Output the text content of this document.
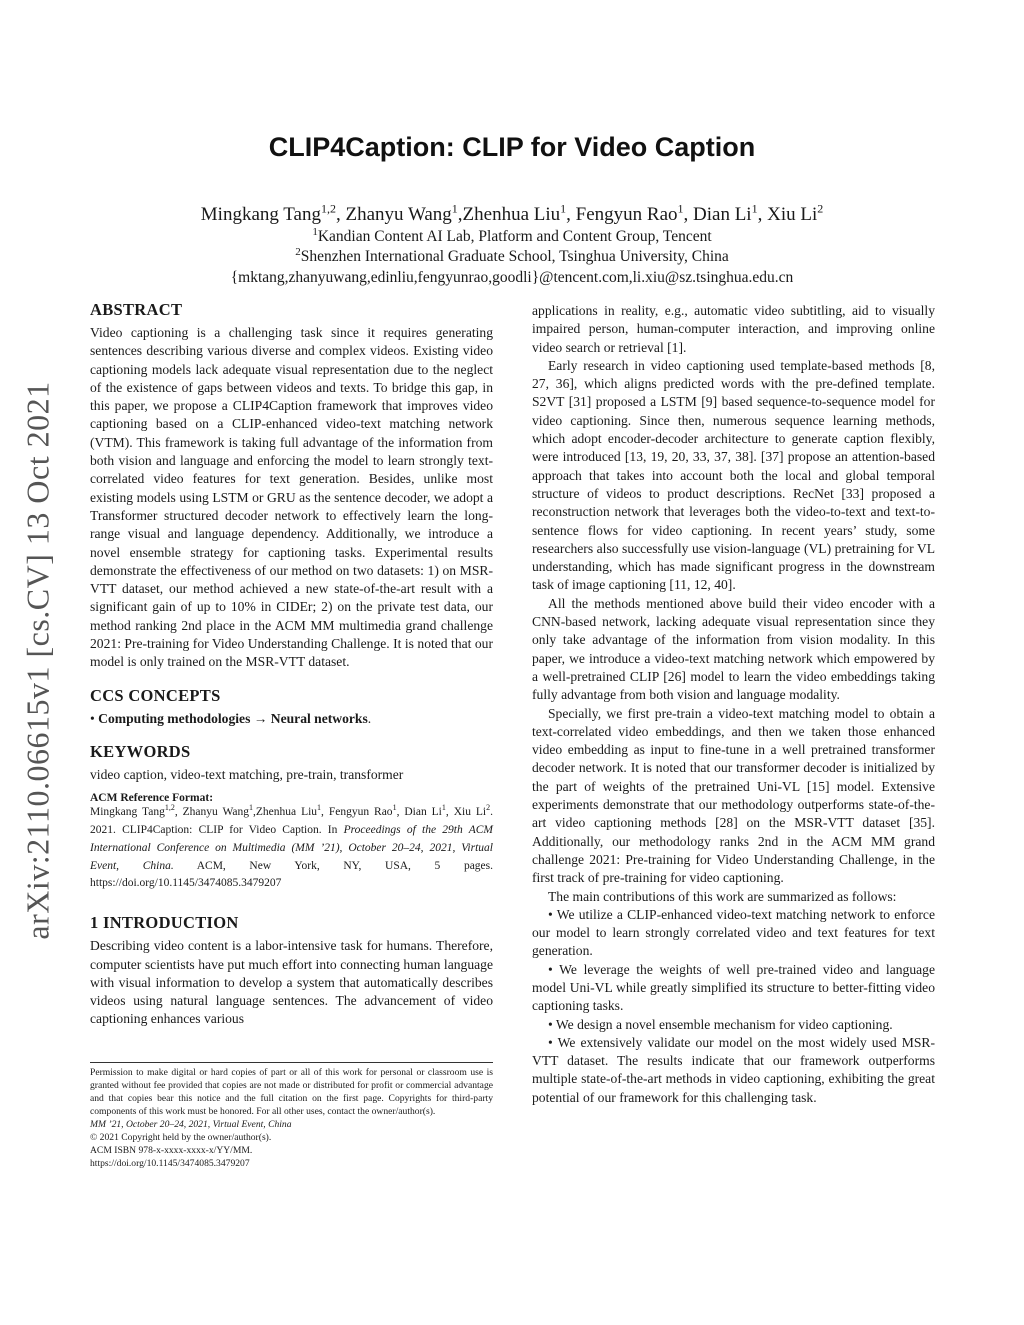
arXiv:2110.06615v1 [cs.CV] 13 Oct 2021
CLIP4Caption: CLIP for Video Caption
Mingkang Tang$^{1,2}$, Zhanyu Wang$^1$,Zhenhua Liu$^1$, Fengyun Rao$^1$, Dian Li$^1$, Xiu Li$^2$
$^1$Kandian Content AI Lab, Platform and Content Group, Tencent
$^2$Shenzhen International Graduate School, Tsinghua University, China
{mktang,zhanyuwang,edinliu,fengyunrao,goodli}@tencent.com,li.xiu@sz.tsinghua.edu.cn
ABSTRACT

Video captioning is a challenging task since it requires generating sentences describing various diverse and complex videos. Existing video captioning models lack adequate visual representation due to the neglect of the existence of gaps between videos and texts. To bridge this gap, in this paper, we propose a CLIP4Caption framework that improves video captioning based on a CLIP-enhanced video-text matching network (VTM). This framework is taking full advantage of the information from both vision and language and enforcing the model to learn strongly text-correlated video features for text generation. Besides, unlike most existing models using LSTM or GRU as the sentence decoder, we adopt a Transformer structured decoder network to effectively learn the long-range visual and language dependency. Additionally, we introduce a novel ensemble strategy for captioning tasks. Experimental results demonstrate the effectiveness of our method on two datasets: 1) on MSR-VTT dataset, our method achieved a new state-of-the-art result with a significant gain of up to 10% in CIDEr; 2) on the private test data, our method ranking 2nd place in the ACM MM multimedia grand challenge 2021: Pre-training for Video Understanding Challenge. It is noted that our model is only trained on the MSR-VTT dataset.

CCS CONCEPTS

• Computing methodologies → Neural networks.

KEYWORDS

video caption, video-text matching, pre-train, transformer

ACM Reference Format:

Mingkang Tang$^{1,2}$, Zhanyu Wang$^1$,Zhenhua Liu$^1$, Fengyun Rao$^1$, Dian Li$^1$, Xiu Li$^2$. 2021. CLIP4Caption: CLIP for Video Caption. In Proceedings of the 29th ACM International Conference on Multimedia (MM ’21), October 20–24, 2021, Virtual Event, China. ACM, New York, NY, USA, 5 pages. https://doi.org/10.1145/3474085.3479207

1 INTRODUCTION

Describing video content is a labor-intensive task for humans. Therefore, computer scientists have put much effort into connecting human language with visual information to develop a system that automatically describes videos using natural language sentences. The advancement of video captioning enhances various

Permission to make digital or hard copies of part or all of this work for personal or classroom use is granted without fee provided that copies are not made or distributed for profit or commercial advantage and that copies bear this notice and the full citation on the first page. Copyrights for third-party components of this work must be honored. For all other uses, contact the owner/author(s).
MM ’21, October 20–24, 2021, Virtual Event, China
© 2021 Copyright held by the owner/author(s).
ACM ISBN 978-x-xxxx-xxxx-x/YY/MM.
https://doi.org/10.1145/3474085.3479207

applications in reality, e.g., automatic video subtitling, aid to visually impaired person, human-computer interaction, and improving online video search or retrieval [1].

Early research in video captioning used template-based methods [8, 27, 36], which aligns predicted words with the pre-defined template. S2VT [31] proposed a LSTM [9] based sequence-to-sequence model for video captioning. Since then, numerous sequence learning methods, which adopt encoder-decoder architecture to generate caption flexibly, were introduced [13, 19, 20, 33, 37, 38]. [37] propose an attention-based approach that takes into account both the local and global temporal structure of videos to product descriptions. RecNet [33] proposed a reconstruction network that leverages both the video-to-text and text-to-sentence flows for video captioning. In recent years’ study, some researchers also successfully use vision-language (VL) pretraining for VL understanding, which has made significant progress in the downstream task of image captioning [11, 12, 40].

All the methods mentioned above build their video encoder with a CNN-based network, lacking adequate visual representation since they only take advantage of the information from vision modality. In this paper, we introduce a video-text matching network which empowered by a well-pretrained CLIP [26] model to learn the video embeddings taking fully advantage from both vision and language modality.

Specially, we first pre-train a video-text matching model to obtain a text-correlated video embeddings, and then we taken those enhanced video embedding as input to fine-tune in a well pretrained transformer decoder network. It is noted that our transformer decoder is initialized by the part of weights of the pretrained Uni-VL [15] model. Extensive experiments demonstrate that our methodology outperforms state-of-the-art video captioning methods [28] on the MSR-VTT dataset [35]. Additionally, our methodology ranks 2nd in the ACM MM grand challenge 2021: Pre-training for Video Understanding Challenge, in the first track of pre-training for video captioning.

The main contributions of this work are summarized as follows:

• We utilize a CLIP-enhanced video-text matching network to enforce our model to learn strongly correlated video and text features for text generation.

• We leverage the weights of well pre-trained video and language model Uni-VL while greatly simplified its structure to better-fitting video captioning tasks.

• We design a novel ensemble mechanism for video captioning.

• We extensively validate our model on the most widely used MSR-VTT dataset. The results indicate that our framework outperforms multiple state-of-the-art methods in video captioning, exhibiting the great potential of our framework for this challenging task.
